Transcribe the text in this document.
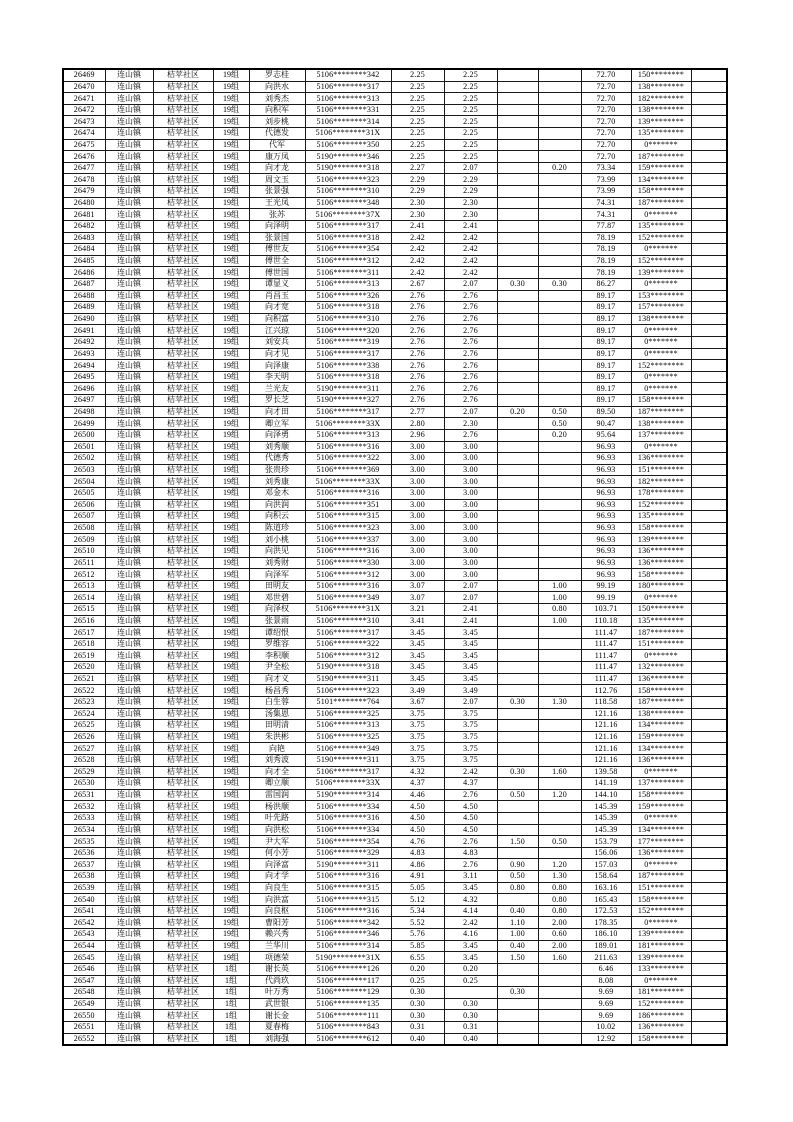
26469	连山镇	桔苹社区	19组	罗志桂	5106********342	2.25	2.25			72.70	150********	
26470	连山镇	桔苹社区	19组	向洪水	5106********317	2.25	2.25			72.70	138********	
26471	连山镇	桔苹社区	19组	刘秀杰	5106********313	2.25	2.25			72.70	182********	
26472	连山镇	桔苹社区	19组	向积军	5106********331	2.25	2.25			72.70	138********	
26473	连山镇	桔苹社区	19组	刘步桃	5106********314	2.25	2.25			72.70	139********	
26474	连山镇	桔苹社区	19组	代德发	5106********31X	2.25	2.25			72.70	135********	
26475	连山镇	桔苹社区	19组	代军	5106********350	2.25	2.25			72.70	0*******	
26476	连山镇	桔苹社区	19组	康万凤	5190********346	2.25	2.25			72.70	187********	
26477	连山镇	桔苹社区	19组	向才龙	5190********318	2.27	2.07		0.20	73.34	159********	
26478	连山镇	桔苹社区	19组	周文玉	5106********323	2.29	2.29			73.99	134********	
26479	连山镇	桔苹社区	19组	张景强	5106********310	2.29	2.29			73.99	158********	
26480	连山镇	桔苹社区	19组	王光凤	5106********348	2.30	2.30			74.31	187********	
26481	连山镇	桔苹社区	19组	张苏	5106********37X	2.30	2.30			74.31	0*******	
26482	连山镇	桔苹社区	19组	向泽明	5106********317	2.41	2.41			77.87	135********	
26483	连山镇	桔苹社区	19组	张景国	5106********318	2.42	2.42			78.19	152********	
26484	连山镇	桔苹社区	19组	傅世友	5106********354	2.42	2.42			78.19	0*******	
26485	连山镇	桔苹社区	19组	傅世全	5106********312	2.42	2.42			78.19	152********	
26486	连山镇	桔苹社区	19组	傅世国	5106********311	2.42	2.42			78.19	139********	
26487	连山镇	桔苹社区	19组	谭显义	5106********313	2.67	2.07	0.30	0.30	86.27	0*******	
26488	连山镇	桔苹社区	19组	肖昌玉	5106********326	2.76	2.76			89.17	153********	
26489	连山镇	桔苹社区	19组	向才宽	5106********318	2.76	2.76			89.17	157********	
26490	连山镇	桔苹社区	19组	向积富	5106********310	2.76	2.76			89.17	138********	
26491	连山镇	桔苹社区	19组	江兴琼	5106********320	2.76	2.76			89.17	0*******	
26492	连山镇	桔苹社区	19组	刘安兵	5106********319	2.76	2.76			89.17	0*******	
26493	连山镇	桔苹社区	19组	向才见	5106********317	2.76	2.76			89.17	0*******	
26494	连山镇	桔苹社区	19组	向泽康	5106********338	2.76	2.76			89.17	152********	
26495	连山镇	桔苹社区	19组	李天明	5106********318	2.76	2.76			89.17	0*******	
26496	连山镇	桔苹社区	19组	兰光友	5190********311	2.76	2.76			89.17	0*******	
26497	连山镇	桔苹社区	19组	罗长芝	5190********327	2.76	2.76			89.17	158********	
26498	连山镇	桔苹社区	19组	向才田	5106********317	2.77	2.07	0.20	0.50	89.50	187********	
26499	连山镇	桔苹社区	19组	卿立军	5106********33X	2.80	2.30		0.50	90.47	138********	
26500	连山镇	桔苹社区	19组	向泽勇	5106********313	2.96	2.76		0.20	95.64	137********	
26501	连山镇	桔苹社区	19组	刘秀顺	5106********316	3.00	3.00			96.93	0*******	
26502	连山镇	桔苹社区	19组	代德秀	5106********322	3.00	3.00			96.93	136********	
26503	连山镇	桔苹社区	19组	张贵珍	5106********369	3.00	3.00			96.93	151********	
26504	连山镇	桔苹社区	19组	刘秀康	5106********33X	3.00	3.00			96.93	182********	
26505	连山镇	桔苹社区	19组	邓金木	5106********316	3.00	3.00			96.93	178********	
26506	连山镇	桔苹社区	19组	向洪润	5106********351	3.00	3.00			96.93	152********	
26507	连山镇	桔苹社区	19组	向积云	5106********315	3.00	3.00			96.93	135********	
26508	连山镇	桔苹社区	19组	陈道珍	5106********323	3.00	3.00			96.93	158********	
26509	连山镇	桔苹社区	19组	刘小桃	5106********337	3.00	3.00			96.93	139********	
26510	连山镇	桔苹社区	19组	向洪见	5106********316	3.00	3.00			96.93	136********	
26511	连山镇	桔苹社区	19组	刘秀财	5106********330	3.00	3.00			96.93	136********	
26512	连山镇	桔苹社区	19组	向泽军	5106********312	3.00	3.00			96.93	158********	
26513	连山镇	桔苹社区	19组	田明友	5106********316	3.07	2.07		1.00	99.19	180********	
26514	连山镇	桔苹社区	19组	邓世碧	5106********349	3.07	2.07		1.00	99.19	0*******	
26515	连山镇	桔苹社区	19组	向泽权	5106********31X	3.21	2.41		0.80	103.71	150********	
26516	连山镇	桔苹社区	19组	张景雨	5106********310	3.41	2.41		1.00	110.18	135********	
26517	连山镇	桔苹社区	19组	谭绍恨	5106********317	3.45	3.45			111.47	187********	
26518	连山镇	桔苹社区	19组	罗维容	5106********322	3.45	3.45			111.47	151********	
26519	连山镇	桔苹社区	19组	李积顺	5106********312	3.45	3.45			111.47	0*******	
26520	连山镇	桔苹社区	19组	尹全松	5190********318	3.45	3.45			111.47	132********	
26521	连山镇	桔苹社区	19组	向才义	5190********311	3.45	3.45			111.47	136********	
26522	连山镇	桔苹社区	19组	杨昌秀	5106********323	3.49	3.49			112.76	158********	
26523	连山镇	桔苹社区	19组	白生蓉	5101********764	3.67	2.07	0.30	1.30	118.58	187********	
26524	连山镇	桔苹社区	19组	汤集恩	5106********325	3.75	3.75			121.16	138********	
26525	连山镇	桔苹社区	19组	田明清	5106********313	3.75	3.75			121.16	134********	
26526	连山镇	桔苹社区	19组	朱洪彬	5106********325	3.75	3.75			121.16	159********	
26527	连山镇	桔苹社区	19组	向艳	5106********349	3.75	3.75			121.16	134********	
26528	连山镇	桔苹社区	19组	刘秀波	5190********311	3.75	3.75			121.16	136********	
26529	连山镇	桔苹社区	19组	向才全	5106********317	4.32	2.42	0.30	1.60	139.58	0*******	
26530	连山镇	桔苹社区	19组	卿立顺	5106********33X	4.37	4.37			141.19	137********	
26531	连山镇	桔苹社区	19组	雷国润	5190********314	4.46	2.76	0.50	1.20	144.10	158********	
26532	连山镇	桔苹社区	19组	杨洪顺	5106********334	4.50	4.50			145.39	159********	
26533	连山镇	桔苹社区	19组	叶先路	5106********316	4.50	4.50			145.39	0*******	
26534	连山镇	桔苹社区	19组	向洪松	5106********334	4.50	4.50			145.39	134********	
26535	连山镇	桔苹社区	19组	尹大军	5106********354	4.76	2.76	1.50	0.50	153.79	177********	
26536	连山镇	桔苹社区	19组	何小芳	5106********329	4.83	4.83			156.06	136********	
26537	连山镇	桔苹社区	19组	向泽富	5190********311	4.86	2.76	0.90	1.20	157.03	0*******	
26538	连山镇	桔苹社区	19组	向才学	5106********316	4.91	3.11	0.50	1.30	158.64	187********	
26539	连山镇	桔苹社区	19组	向良生	5106********315	5.05	3.45	0.80	0.80	163.16	151********	
26540	连山镇	桔苹社区	19组	向洪富	5106********315	5.12	4.32		0.80	165.43	158********	
26541	连山镇	桔苹社区	19组	向良枢	5106********316	5.34	4.14	0.40	0.80	172.53	152********	
26542	连山镇	桔苹社区	19组	曹阳芳	5106********342	5.52	2.42	1.10	2.00	178.35	0*******	
26543	连山镇	桔苹社区	19组	赖兴秀	5106********346	5.76	4.16	1.00	0.60	186.10	139********	
26544	连山镇	桔苹社区	19组	兰华川	5106********314	5.85	3.45	0.40	2.00	189.01	181********	
26545	连山镇	桔苹社区	19组	项德荣	5190********31X	6.55	3.45	1.50	1.60	211.63	139********	
26546	连山镇	桔苹社区	1组	谢长英	5106********126	0.20	0.20			6.46	133********	
26547	连山镇	桔苹社区	1组	代尚玖	5106********117	0.25	0.25			8.08	0*******	
26548	连山镇	桔苹社区	1组	叶万秀	5106********129	0.30		0.30		9.69	181********	
26549	连山镇	桔苹社区	1组	武世银	5106********135	0.30	0.30			9.69	152********	
26550	连山镇	桔苹社区	1组	谢长金	5106********111	0.30	0.30			9.69	186********	
26551	连山镇	桔苹社区	1组	夏春梅	5106********843	0.31	0.31			10.02	136********	
26552	连山镇	桔苹社区	1组	刘海强	5106********612	0.40	0.40			12.92	158********	
